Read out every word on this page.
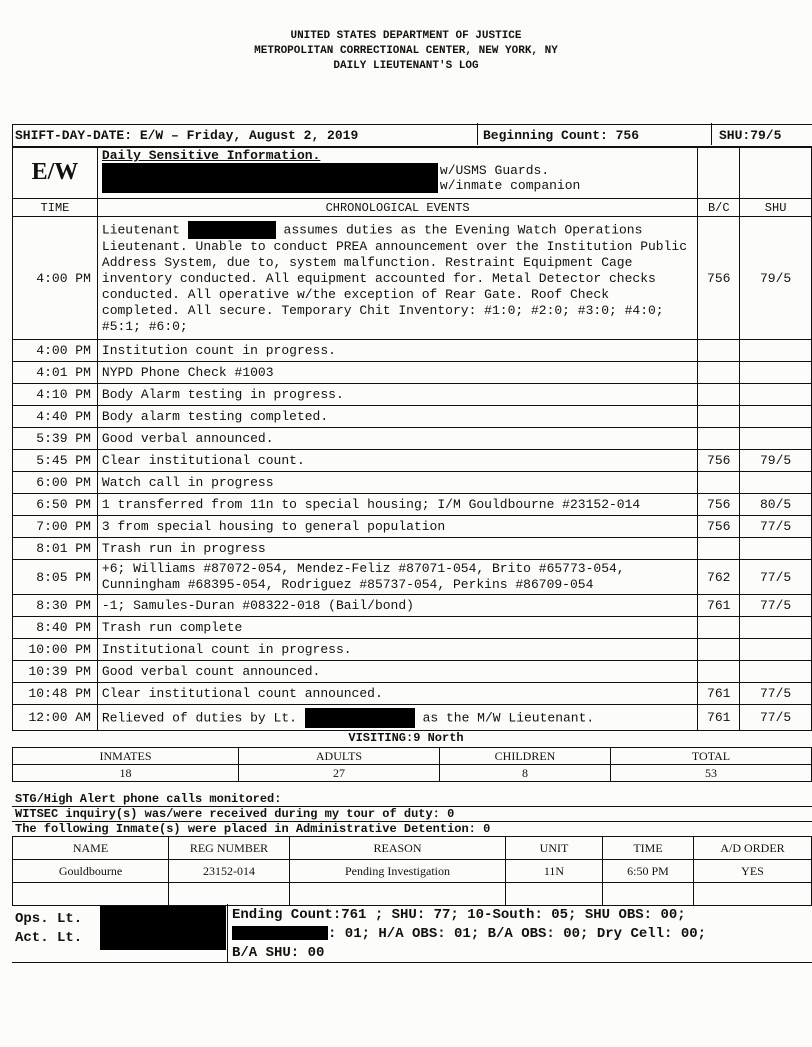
UNITED STATES DEPARTMENT OF JUSTICE
METROPOLITAN CORRECTIONAL CENTER, NEW YORK, NY
DAILY LIEUTENANT'S LOG
SHIFT-DAY-DATE: E/W – Friday, August 2, 2019	Beginning Count: 756	SHU:79/5
E/W	Daily Sensitive Information.
w/USMS Guards.
w/inmate companion		

TIME	CHRONOLOGICAL EVENTS	B/C	SHU
4:00 PM	Lieutenant assumes duties as the Evening Watch Operations Lieutenant. Unable to conduct PREA announcement over the Institution Public Address System, due to, system malfunction. Restraint Equipment Cage inventory conducted. All equipment accounted for. Metal Detector checks conducted. All operative w/the exception of Rear Gate. Roof Check completed. All secure. Temporary Chit Inventory: #1:0; #2:0; #3:0; #4:0; #5:1; #6:0;	756	79/5
4:00 PM	Institution count in progress.		
4:01 PM	NYPD Phone Check #1003		
4:10 PM	Body Alarm testing in progress.		
4:40 PM	Body alarm testing completed.		
5:39 PM	Good verbal announced.		
5:45 PM	Clear institutional count.	756	79/5
6:00 PM	Watch call in progress		
6:50 PM	1 transferred from 11n to special housing; I/M Gouldbourne #23152-014	756	80/5
7:00 PM	3 from special housing to general population	756	77/5
8:01 PM	Trash run in progress		
8:05 PM	+6; Williams #87072-054, Mendez-Feliz #87071-054, Brito #65773-054, Cunningham #68395-054, Rodriguez #85737-054, Perkins #86709-054	762	77/5
8:30 PM	-1; Samules-Duran #08322-018 (Bail/bond)	761	77/5
8:40 PM	Trash run complete		
10:00 PM	Institutional count in progress.		
10:39 PM	Good verbal count announced.		
10:48 PM	Clear institutional count announced.	761	77/5
12:00 AM	Relieved of duties by Lt. as the M/W Lieutenant.	761	77/5
VISITING:9 North
INMATES	ADULTS	CHILDREN	TOTAL
18	27	8	53
STG/High Alert phone calls monitored:
WITSEC inquiry(s) was/were received during my tour of duty: 0
The following Inmate(s) were placed in Administrative Detention: 0
NAME	REG NUMBER	REASON	UNIT	TIME	A/D ORDER
Gouldbourne	23152-014	Pending Investigation	11N	6:50 PM	YES

Ops. Lt.
Act. Lt.
Ending Count:761 ; SHU: 77; 10-South: 05; SHU OBS: 00;
: 01; H/A OBS: 01; B/A OBS: 00; Dry Cell: 00;
B/A SHU: 00
